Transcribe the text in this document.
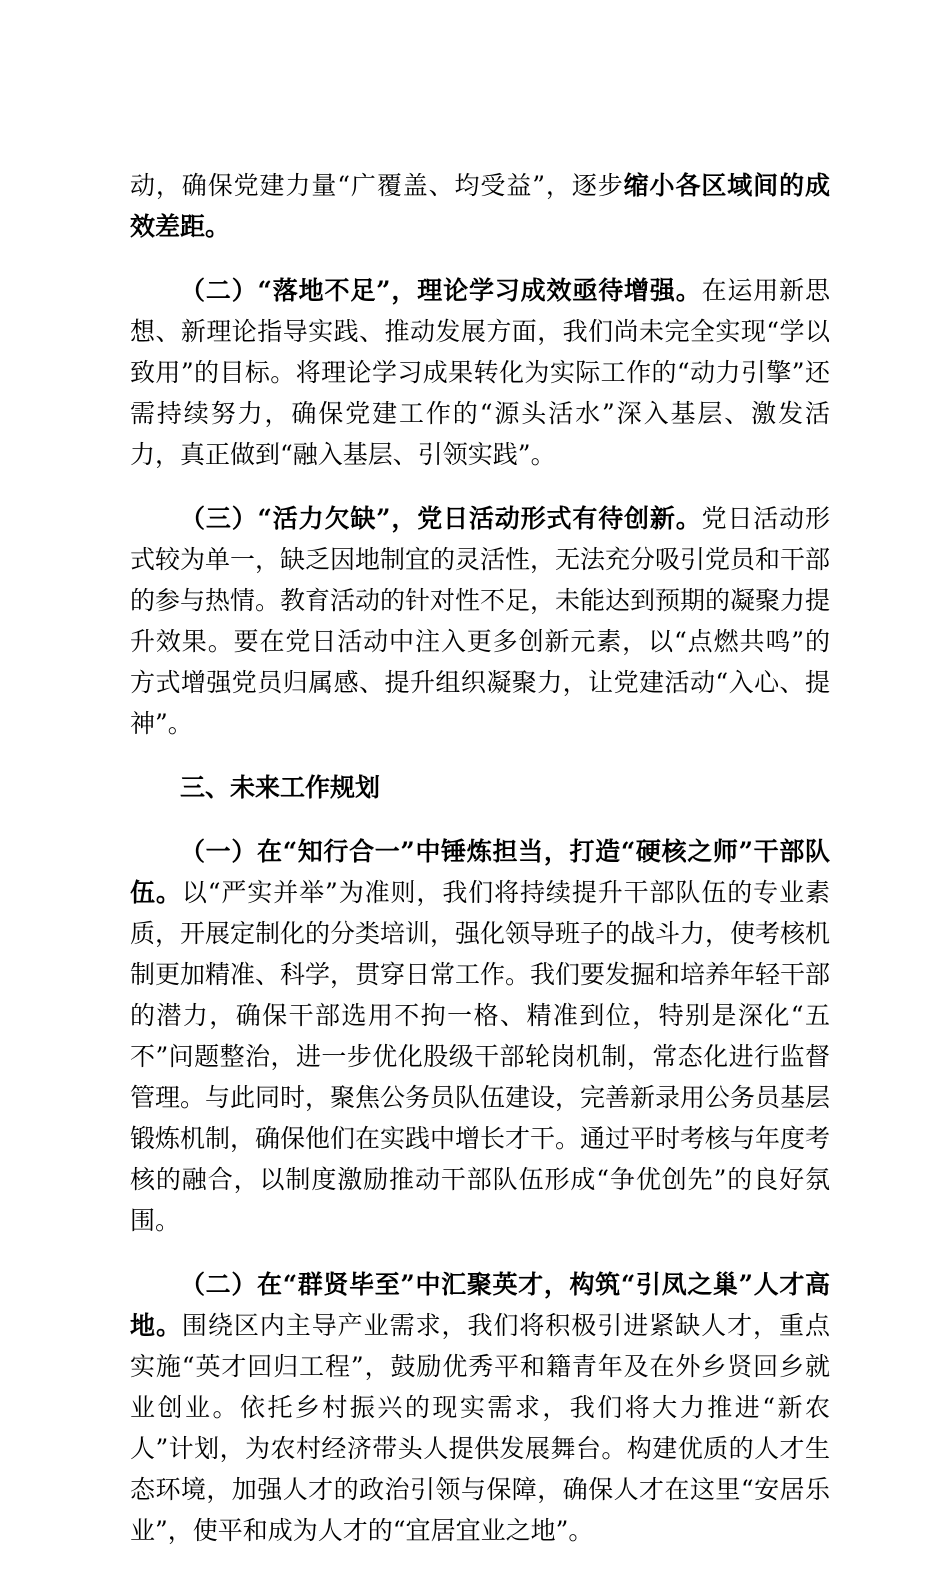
动，确保党建力量“广覆盖、均受益”，逐步缩小各区域间的成效差距。

（二）“落地不足”，理论学习成效亟待增强。在运用新思想、新理论指导实践、推动发展方面，我们尚未完全实现“学以致用”的目标。将理论学习成果转化为实际工作的“动力引擎”还需持续努力，确保党建工作的“源头活水”深入基层、激发活力，真正做到“融入基层、引领实践”。

（三）“活力欠缺”，党日活动形式有待创新。党日活动形式较为单一，缺乏因地制宜的灵活性，无法充分吸引党员和干部的参与热情。教育活动的针对性不足，未能达到预期的凝聚力提升效果。要在党日活动中注入更多创新元素，以“点燃共鸣”的方式增强党员归属感、提升组织凝聚力，让党建活动“入心、提神”。

三、未来工作规划

（一）在“知行合一”中锤炼担当，打造“硬核之师”干部队伍。以“严实并举”为准则，我们将持续提升干部队伍的专业素质，开展定制化的分类培训，强化领导班子的战斗力，使考核机制更加精准、科学，贯穿日常工作。我们要发掘和培养年轻干部的潜力，确保干部选用不拘一格、精准到位，特别是深化“五不”问题整治，进一步优化股级干部轮岗机制，常态化进行监督管理。与此同时，聚焦公务员队伍建设，完善新录用公务员基层锻炼机制，确保他们在实践中增长才干。通过平时考核与年度考核的融合，以制度激励推动干部队伍形成“争优创先”的良好氛围。

（二）在“群贤毕至”中汇聚英才，构筑“引凤之巢”人才高地。围绕区内主导产业需求，我们将积极引进紧缺人才，重点实施“英才回归工程”，鼓励优秀平和籍青年及在外乡贤回乡就业创业。依托乡村振兴的现实需求，我们将大力推进“新农人”计划，为农村经济带头人提供发展舞台。构建优质的人才生态环境，加强人才的政治引领与保障，确保人才在这里“安居乐业”，使平和成为人才的“宜居宜业之地”。
